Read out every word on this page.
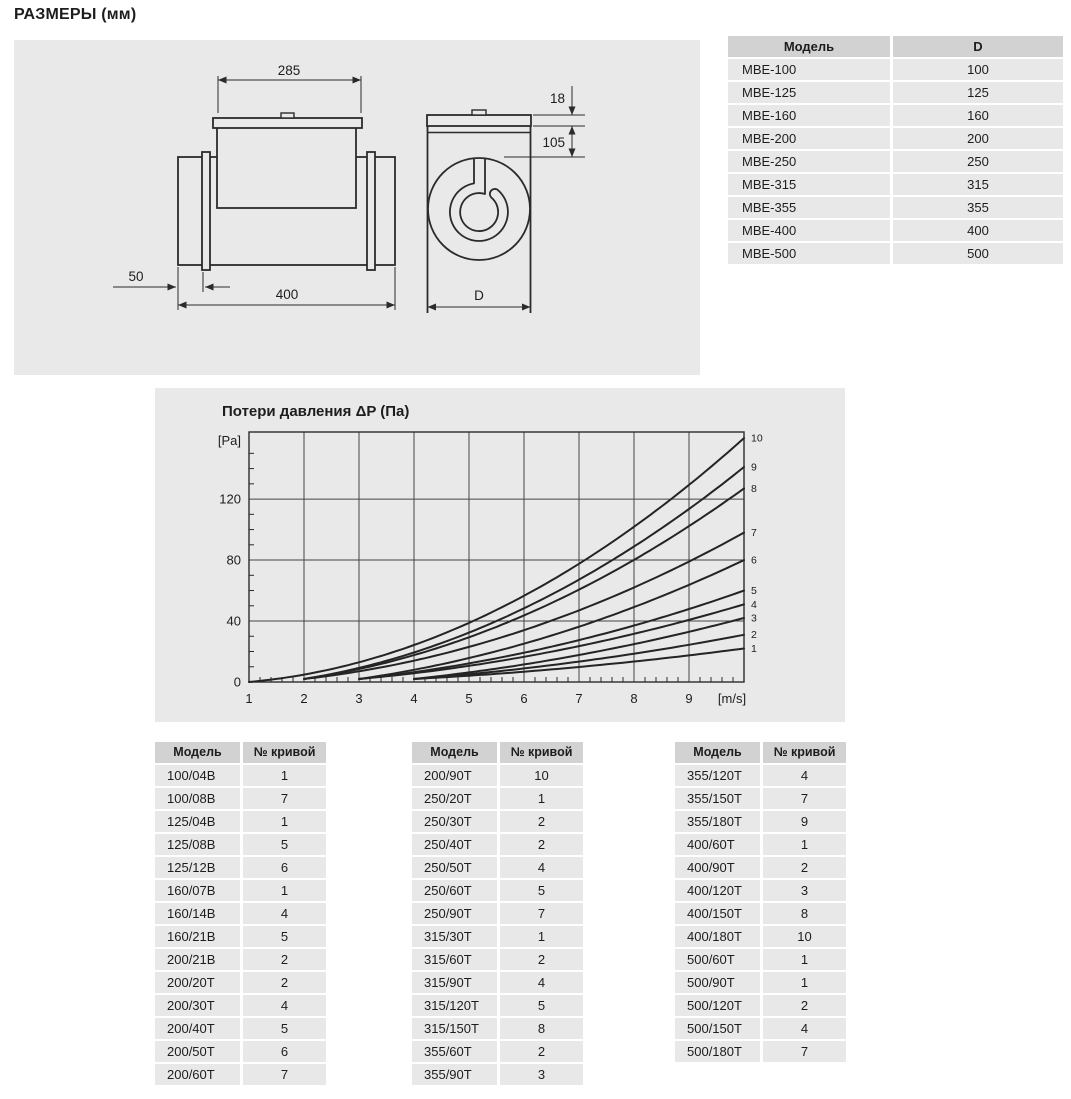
РАЗМЕРЫ (мм)
285
50
400	D
18
105
Модель	D
MBE-100	100
MBE-125	125
MBE-160	160
MBE-200	200
MBE-250	250
MBE-315	315
MBE-355	355
MBE-400	400
MBE-500	500
Потери давления ΔP (Па)
0
40
80
120
[Pa]
1	2	3	4	5	6	7	8	9 [m/s]
1
2
3
4
5
6
7
8
9
10
Модель	№ кривой
100/04B	1
100/08B	7
125/04B	1
125/08B	5
125/12B	6
160/07B	1
160/14B	4
160/21B	5
200/21B	2
200/20T	2
200/30T	4
200/40T	5
200/50T	6
200/60T	7
Модель	№ кривой
200/90T	10
250/20T	1
250/30T	2
250/40T	2
250/50T	4
250/60T	5
250/90T	7
315/30T	1
315/60T	2
315/90T	4
315/120T	5
315/150T	8
355/60T	2
355/90T	3
Модель	№ кривой
355/120T	4
355/150T	7
355/180T	9
400/60T	1
400/90T	2
400/120T	3
400/150T	8
400/180T	10
500/60T	1
500/90T	1
500/120T	2
500/150T	4
500/180T	7
